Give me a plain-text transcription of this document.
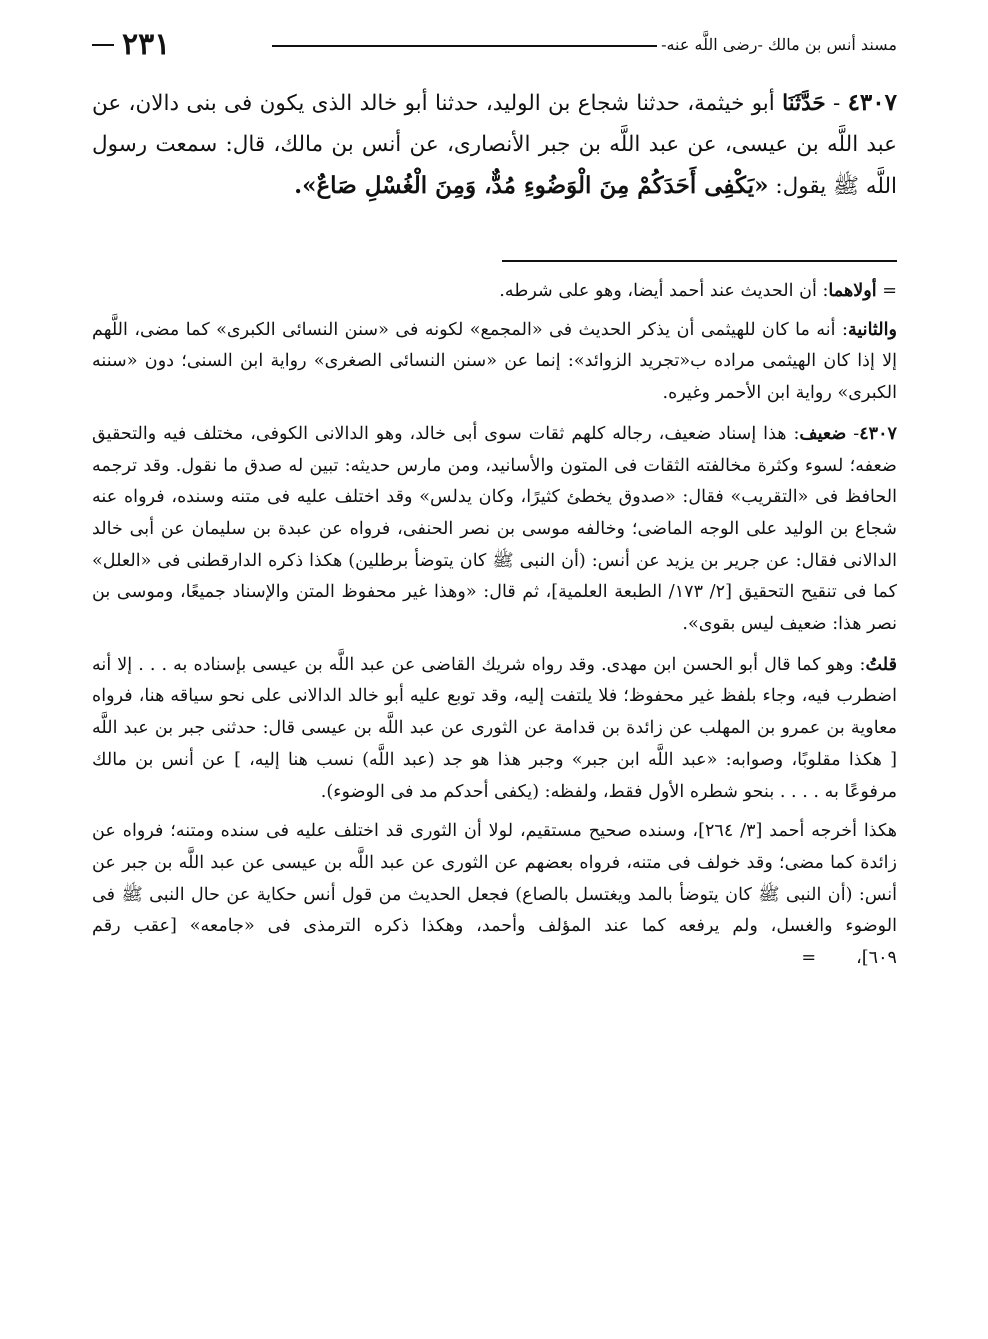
مسند أنس بن مالك -رضى اللَّه عنه-
٢٣١

٤٣٠٧ - حَدَّثَنَا أبو خيثمة، حدثنا شجاع بن الوليد، حدثنا أبو خالد الذى يكون فى بنى دالان، عن عبد اللَّه بن عيسى، عن عبد اللَّه بن جبر الأنصارى، عن أنس بن مالك، قال: سمعت رسول اللَّه ﷺ يقول: «يَكْفِى أَحَدَكُمْ مِنَ الْوَضُوءِ مُدٌّ، وَمِنَ الْغُسْلِ صَاعٌ».

= أولاهما: أن الحديث عند أحمد أيضا، وهو على شرطه.

والثانية: أنه ما كان للهيثمى أن يذكر الحديث فى «المجمع» لكونه فى «سنن النسائى الكبرى» كما مضى، اللَّهم إلا إذا كان الهيثمى مراده ب«تجريد الزوائد»: إنما عن «سنن النسائى الصغرى» رواية ابن السنى؛ دون «سننه الكبرى» رواية ابن الأحمر وغيره.

٤٣٠٧- ضعيف: هذا إسناد ضعيف، رجاله كلهم ثقات سوى أبى خالد، وهو الدالانى الكوفى، مختلف فيه والتحقيق ضعفه؛ لسوء وكثرة مخالفته الثقات فى المتون والأسانيد، ومن مارس حديثه: تبين له صدق ما نقول. وقد ترجمه الحافظ فى «التقريب» فقال: «صدوق يخطئ كثيرًا، وكان يدلس» وقد اختلف عليه فى متنه وسنده، فرواه عنه شجاع بن الوليد على الوجه الماضى؛ وخالفه موسى بن نصر الحنفى، فرواه عن عبدة بن سليمان عن أبى خالد الدالانى فقال: عن جرير بن يزيد عن أنس: (أن النبى ﷺ كان يتوضأ برطلين) هكذا ذكره الدارقطنى فى «العلل» كما فى تنقيح التحقيق [٢/ ١٧٣/ الطبعة العلمية]، ثم قال: «وهذا غير محفوظ المتن والإسناد جميعًا، وموسى بن نصر هذا: ضعيف ليس بقوى».

قلتُ: وهو كما قال أبو الحسن ابن مهدى. وقد رواه شريك القاضى عن عبد اللَّه بن عيسى بإسناده به . . . إلا أنه اضطرب فيه، وجاء بلفظ غير محفوظ؛ فلا يلتفت إليه، وقد توبع عليه أبو خالد الدالانى على نحو سياقه هنا، فرواه معاوية بن عمرو بن المهلب عن زائدة بن قدامة عن الثورى عن عبد اللَّه بن عيسى قال: حدثنى جبر بن عبد اللَّه [ هكذا مقلوبًا، وصوابه: «عبد اللَّه ابن جبر» وجبر هذا هو جد (عبد اللَّه) نسب هنا إليه، ] عن أنس بن مالك مرفوعًا به . . . . بنحو شطره الأول فقط، ولفظه: (يكفى أحدكم مد فى الوضوء).

هكذا أخرجه أحمد [٣/ ٢٦٤]، وسنده صحيح مستقيم، لولا أن الثورى قد اختلف عليه فى سنده ومتنه؛ فرواه عن زائدة كما مضى؛ وقد خولف فى متنه، فرواه بعضهم عن الثورى عن عبد اللَّه بن عيسى عن عبد اللَّه بن جبر عن أنس: (أن النبى ﷺ كان يتوضأ بالمد ويغتسل بالصاع) فجعل الحديث من قول أنس حكاية عن حال النبى ﷺ فى الوضوء والغسل، ولم يرفعه كما عند المؤلف وأحمد، وهكذا ذكره الترمذى فى «جامعه» [عقب رقم ٦٠٩]،=
